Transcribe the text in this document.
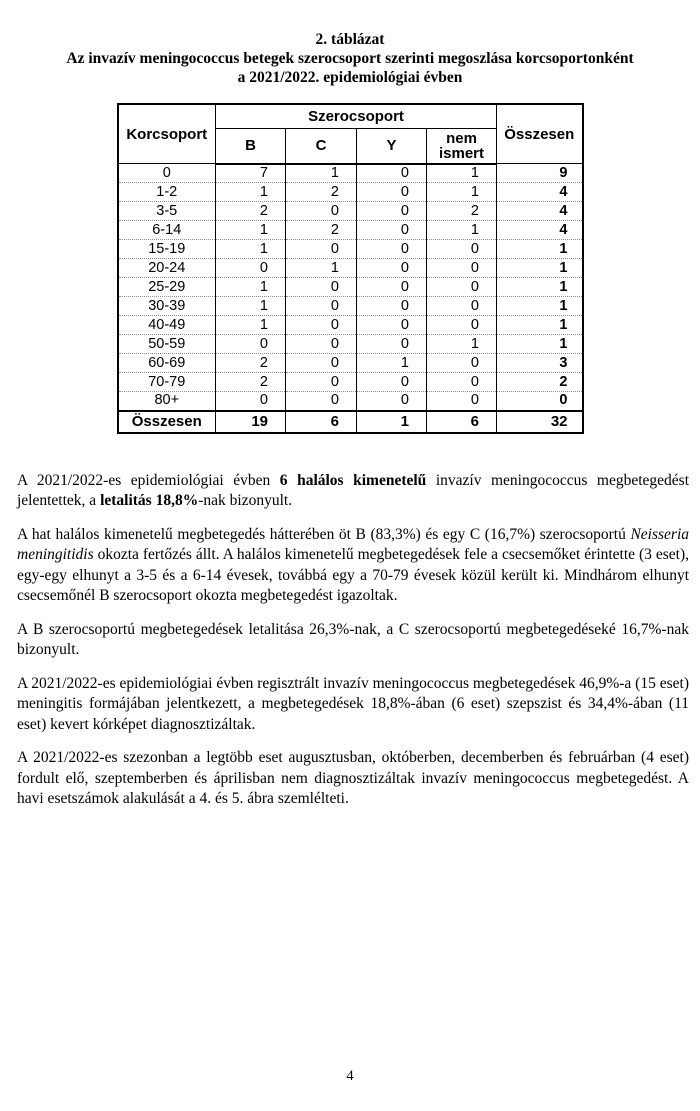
2. táblázat
Az invazív meningococcus betegek szerocsoport szerinti megoszlása korcsoportonként
a 2021/2022. epidemiológiai évben
Korcsoport	Szerocsoport				Összesen
	B	C	Y	nem ismert	
0	7	1	0	1	9
1-2	1	2	0	1	4
3-5	2	0	0	2	4
6-14	1	2	0	1	4
15-19	1	0	0	0	1
20-24	0	1	0	0	1
25-29	1	0	0	0	1
30-39	1	0	0	0	1
40-49	1	0	0	0	1
50-59	0	0	0	1	1
60-69	2	0	1	0	3
70-79	2	0	0	0	2
80+	0	0	0	0	0
Összesen	19	6	1	6	32

A 2021/2022-es epidemiológiai évben 6 halálos kimenetelű invazív meningococcus megbetegedést jelentettek, a letalitás 18,8%-nak bizonyult.

A hat halálos kimenetelű megbetegedés hátterében öt B (83,3%) és egy C (16,7%) szerocsoportú Neisseria meningitidis okozta fertőzés állt. A halálos kimenetelű megbetegedések fele a csecsemőket érintette (3 eset), egy-egy elhunyt a 3-5 és a 6-14 évesek, továbbá egy a 70-79 évesek közül került ki. Mindhárom elhunyt csecsemőnél B szerocsoport okozta megbetegedést igazoltak.

A B szerocsoportú megbetegedések letalitása 26,3%-nak, a C szerocsoportú megbetegedéseké 16,7%-nak bizonyult.

A 2021/2022-es epidemiológiai évben regisztrált invazív meningococcus megbetegedések 46,9%-a (15 eset) meningitis formájában jelentkezett, a megbetegedések 18,8%-ában (6 eset) szepszist és 34,4%-ában (11 eset) kevert kórképet diagnosztizáltak.

A 2021/2022-es szezonban a legtöbb eset augusztusban, októberben, decemberben és februárban (4 eset) fordult elő, szeptemberben és áprilisban nem diagnosztizáltak invazív meningococcus megbetegedést. A havi esetszámok alakulását a 4. és 5. ábra szemlélteti.

4
